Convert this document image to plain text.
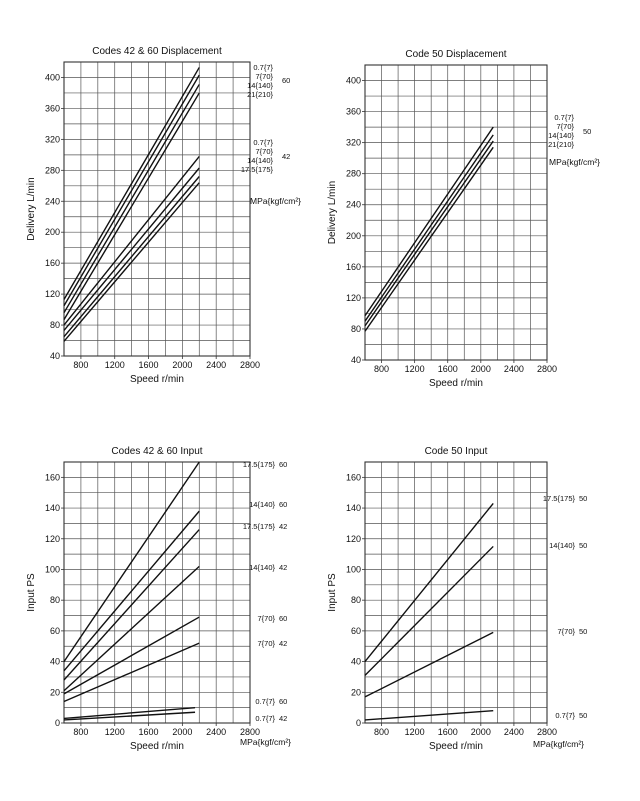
Codes 42 & 60 Displacement
800 1200 1600 2000 2400 2800
40
80
120
160
200
240
280
320
360
400
Speed r/min
Delivery L/min
0.7{7}
7{70}
14{140}
21{210}
60
0.7{7}
7{70}
14{140}
17.5{175}
42
MPa{kgf/cm²}
Code 50 Displacement
800 1200 1600 2000 2400 2800
40
80
120
160
200
240
280
320
360
400
Speed r/min
Delivery L/min
0.7{7}
7{70}
14{140}
21{210}
50
MPa{kgf/cm²}
Codes 42 & 60 Input
800 1200 1600 2000 2400 2800
0
20
40
60
80
100
120
140
160
Speed r/min
Input PS
17.5{175} 60
14{140} 60
17.5{175} 42
14{140} 42
7{70} 60
7{70} 42
0.7{7} 60
0.7{7} 42
MPa{kgf/cm²}
Code 50 Input
800 1200 1600 2000 2400 2800
0
20
40
60
80
100
120
140
160
Speed r/min
Input PS
17.5{175} 50
14{140} 50
7{70} 50
0.7{7} 50
MPa{kgf/cm²}
